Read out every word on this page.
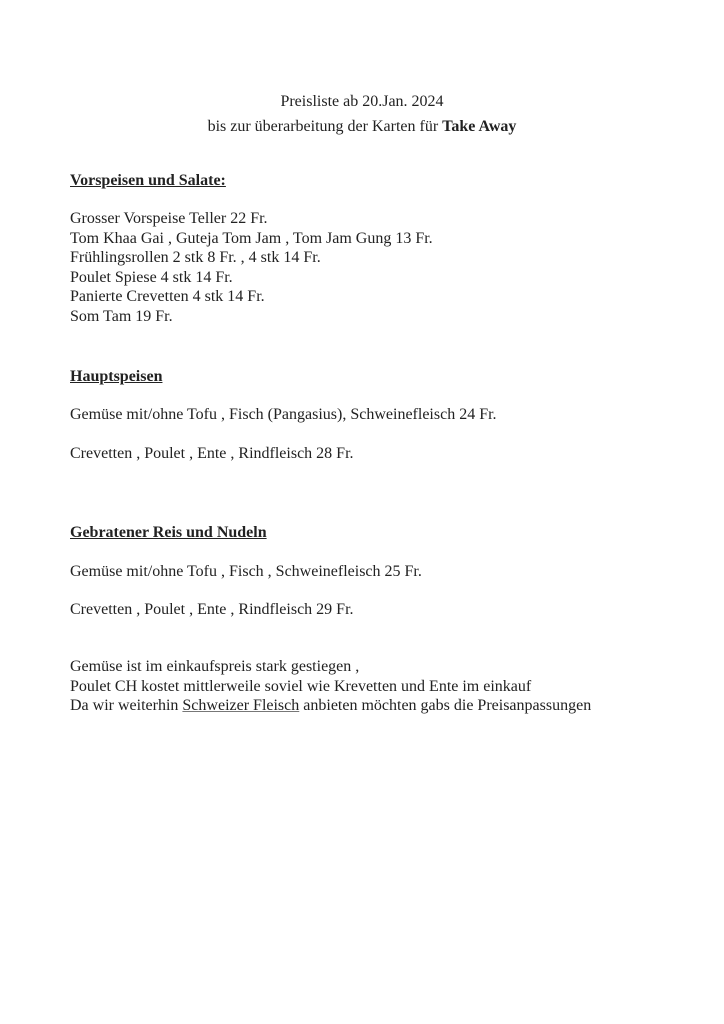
Preisliste ab 20.Jan. 2024
bis zur überarbeitung der Karten für Take Away
Vorspeisen und Salate:
Grosser Vorspeise Teller 22 Fr.
Tom Khaa Gai , Guteja Tom Jam , Tom Jam Gung 13 Fr.
Frühlingsrollen 2 stk 8 Fr. , 4 stk 14 Fr.
Poulet Spiese 4 stk 14 Fr.
Panierte Crevetten 4 stk 14 Fr.
Som Tam 19 Fr.
Hauptspeisen
Gemüse mit/ohne Tofu , Fisch (Pangasius), Schweinefleisch 24 Fr.
Crevetten , Poulet , Ente , Rindfleisch 28 Fr.
Gebratener Reis und Nudeln
Gemüse mit/ohne Tofu , Fisch , Schweinefleisch 25 Fr.
Crevetten , Poulet , Ente , Rindfleisch 29 Fr.
Gemüse ist im einkaufspreis stark gestiegen ,
Poulet CH kostet mittlerweile soviel wie Krevetten und Ente im einkauf
Da wir weiterhin Schweizer Fleisch anbieten möchten gabs die Preisanpassungen
